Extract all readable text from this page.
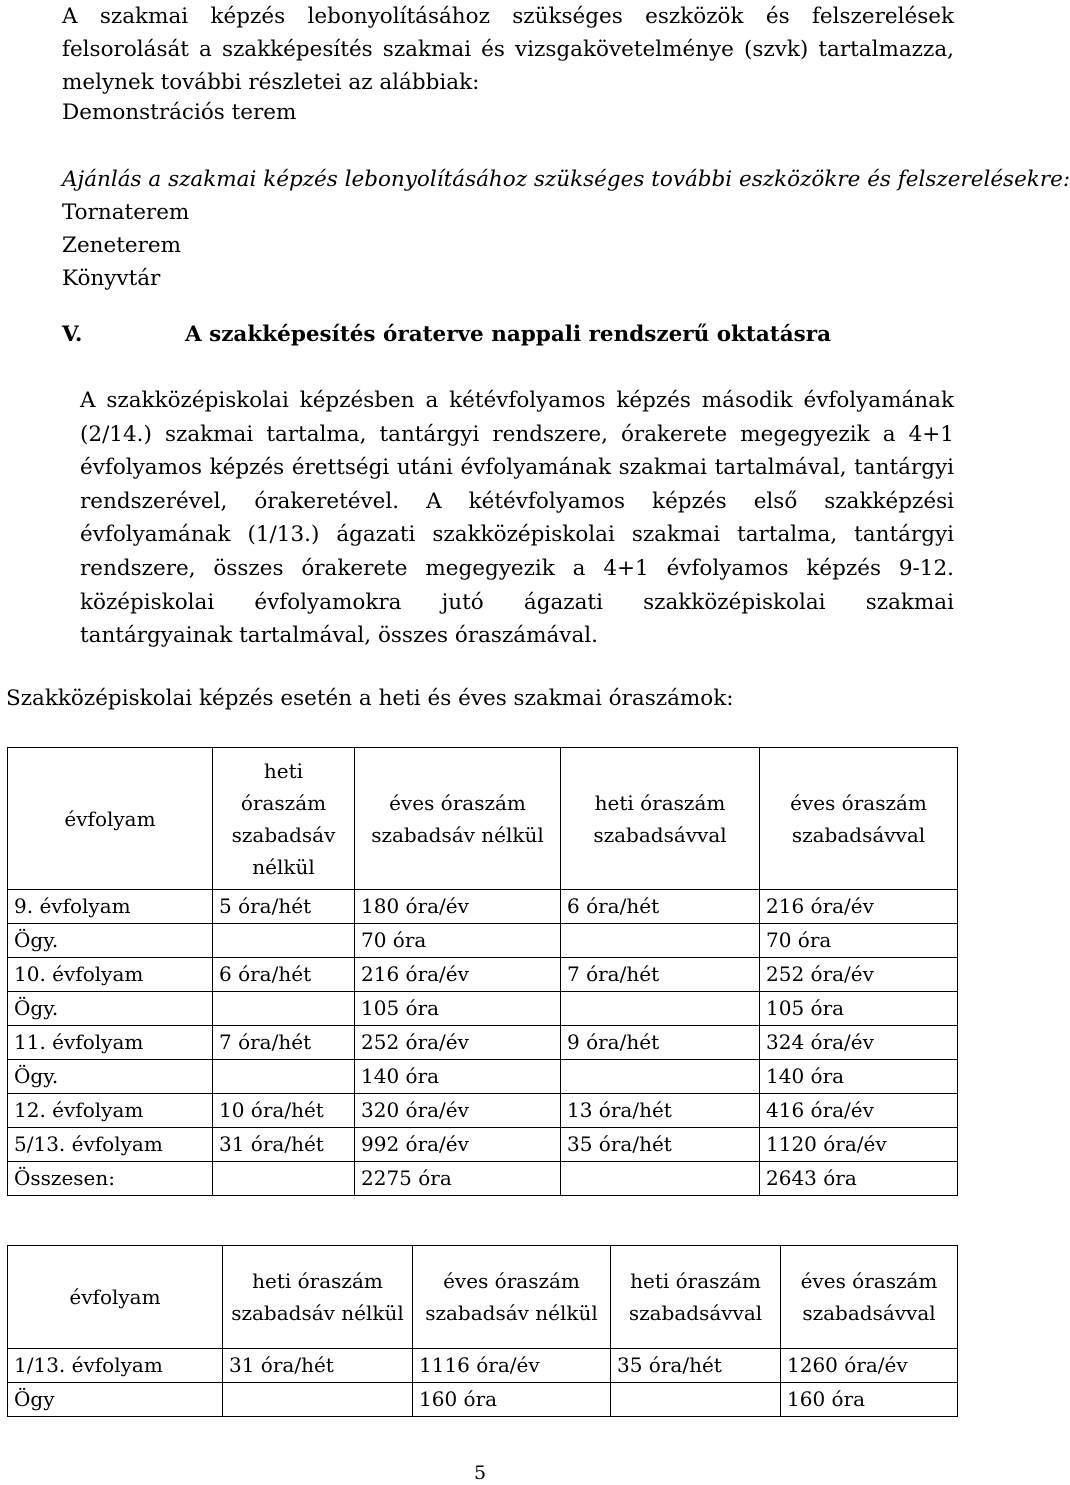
A szakmai képzés lebonyolításához szükséges eszközök és felszerelések felsorolását a szakképesítés szakmai és vizsgakövetelménye (szvk) tartalmazza, melynek további részletei az alábbiak:
Demonstrációs terem
Ajánlás a szakmai képzés lebonyolításához szükséges további eszközökre és felszerelésekre:
Tornaterem
Zeneterem
Könyvtár
V.	A szakképesítés óraterve nappali rendszerű oktatásra
A szakközépiskolai képzésben a kétévfolyamos képzés második évfolyamának
(2/14.) szakmai tartalma, tantárgyi rendszere, órakerete megegyezik a 4+1
évfolyamos képzés érettségi utáni évfolyamának szakmai tartalmával, tantárgyi
rendszerével, órakeretével. A kétévfolyamos képzés első szakképzési
évfolyamának (1/13.) ágazati szakközépiskolai szakmai tartalma, tantárgyi
rendszere, összes órakerete megegyezik a 4+1 évfolyamos képzés 9-12.
középiskolai évfolyamokra jutó ágazati szakközépiskolai szakmai
tantárgyainak tartalmával, összes óraszámával.
Szakközépiskolai képzés esetén a heti és éves szakmai óraszámok:
évfolyam	heti óraszám szabadsáv nélkül	éves óraszám szabadsáv nélkül	heti óraszám szabadsávval	éves óraszám szabadsávval
9. évfolyam	5 óra/hét	180 óra/év	6 óra/hét	216 óra/év
Ögy.		70 óra		70 óra
10. évfolyam	6 óra/hét	216 óra/év	7 óra/hét	252 óra/év
Ögy.		105 óra		105 óra
11. évfolyam	7 óra/hét	252 óra/év	9 óra/hét	324 óra/év
Ögy.		140 óra		140 óra
12. évfolyam	10 óra/hét	320 óra/év	13 óra/hét	416 óra/év
5/13. évfolyam	31 óra/hét	992 óra/év	35 óra/hét	1120 óra/év
Összesen:		2275 óra		2643 óra
évfolyam	heti óraszám szabadsáv nélkül	éves óraszám szabadsáv nélkül	heti óraszám szabadsávval	éves óraszám szabadsávval
1/13. évfolyam	31 óra/hét	1116 óra/év	35 óra/hét	1260 óra/év
Ögy		160 óra		160 óra
5
